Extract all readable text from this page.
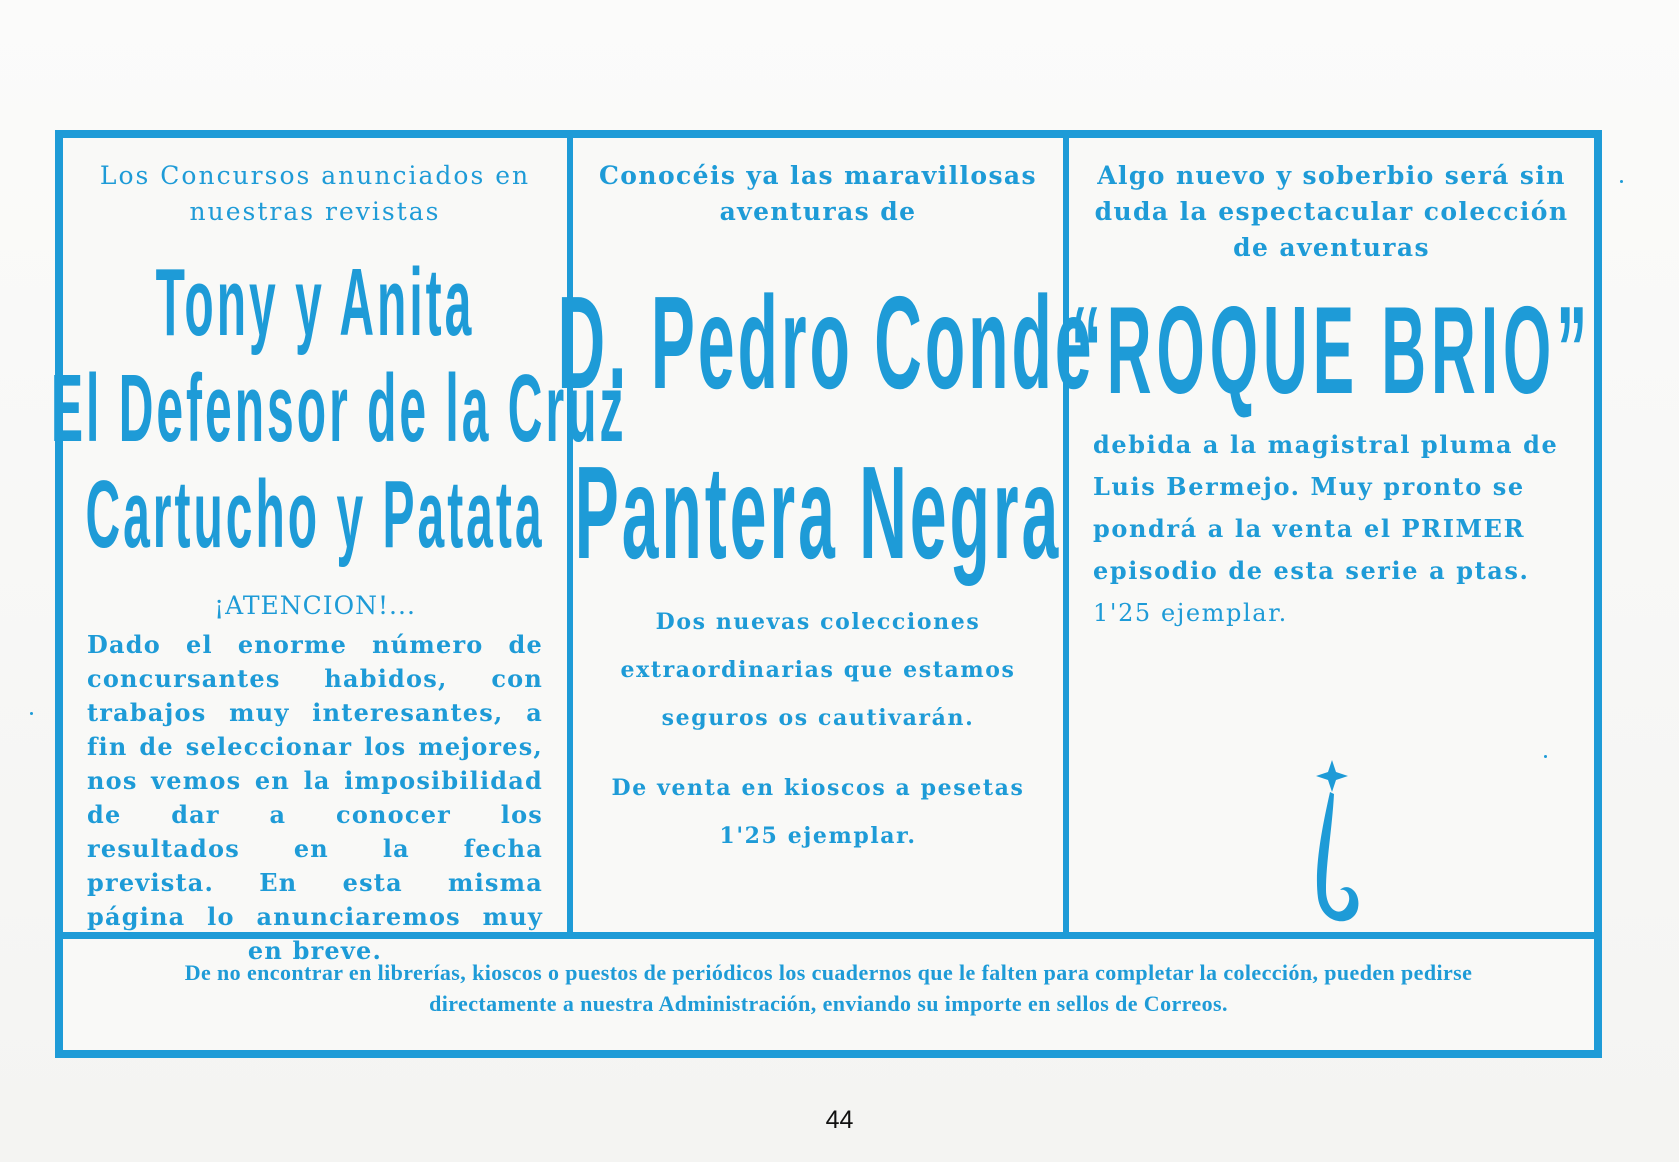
Los Concursos anunciados en nuestras revistas

Tony y Anita
El Defensor de la Cruz
Cartucho y Patata

¡ATENCION!...

Dado el enorme número de concursantes habidos, con trabajos muy interesantes, a fin de seleccionar los mejores, nos vemos en la imposibilidad de dar a conocer los resultados en la fecha prevista. En esta misma página lo anunciaremos muy en breve.

Conocéis ya las maravillosas aventuras de

D. Pedro Conde
Pantera Negra

Dos nuevas colecciones extraordinarias que estamos seguros os cautivarán.

De venta en kioscos a pesetas 1'25 ejemplar.

Algo nuevo y soberbio será sin duda la espectacular colección de aventuras

“ROQUE BRIO”

debida a la magistral pluma de Luis Bermejo. Muy pronto se pondrá a la venta el PRIMER episodio de esta serie a ptas.
1'25 ejemplar.

De no encontrar en librerías, kioscos o puestos de periódicos los cuadernos que le falten para completar la colección, pueden pedirse directamente a nuestra Administración, enviando su importe en sellos de Correos.
44
